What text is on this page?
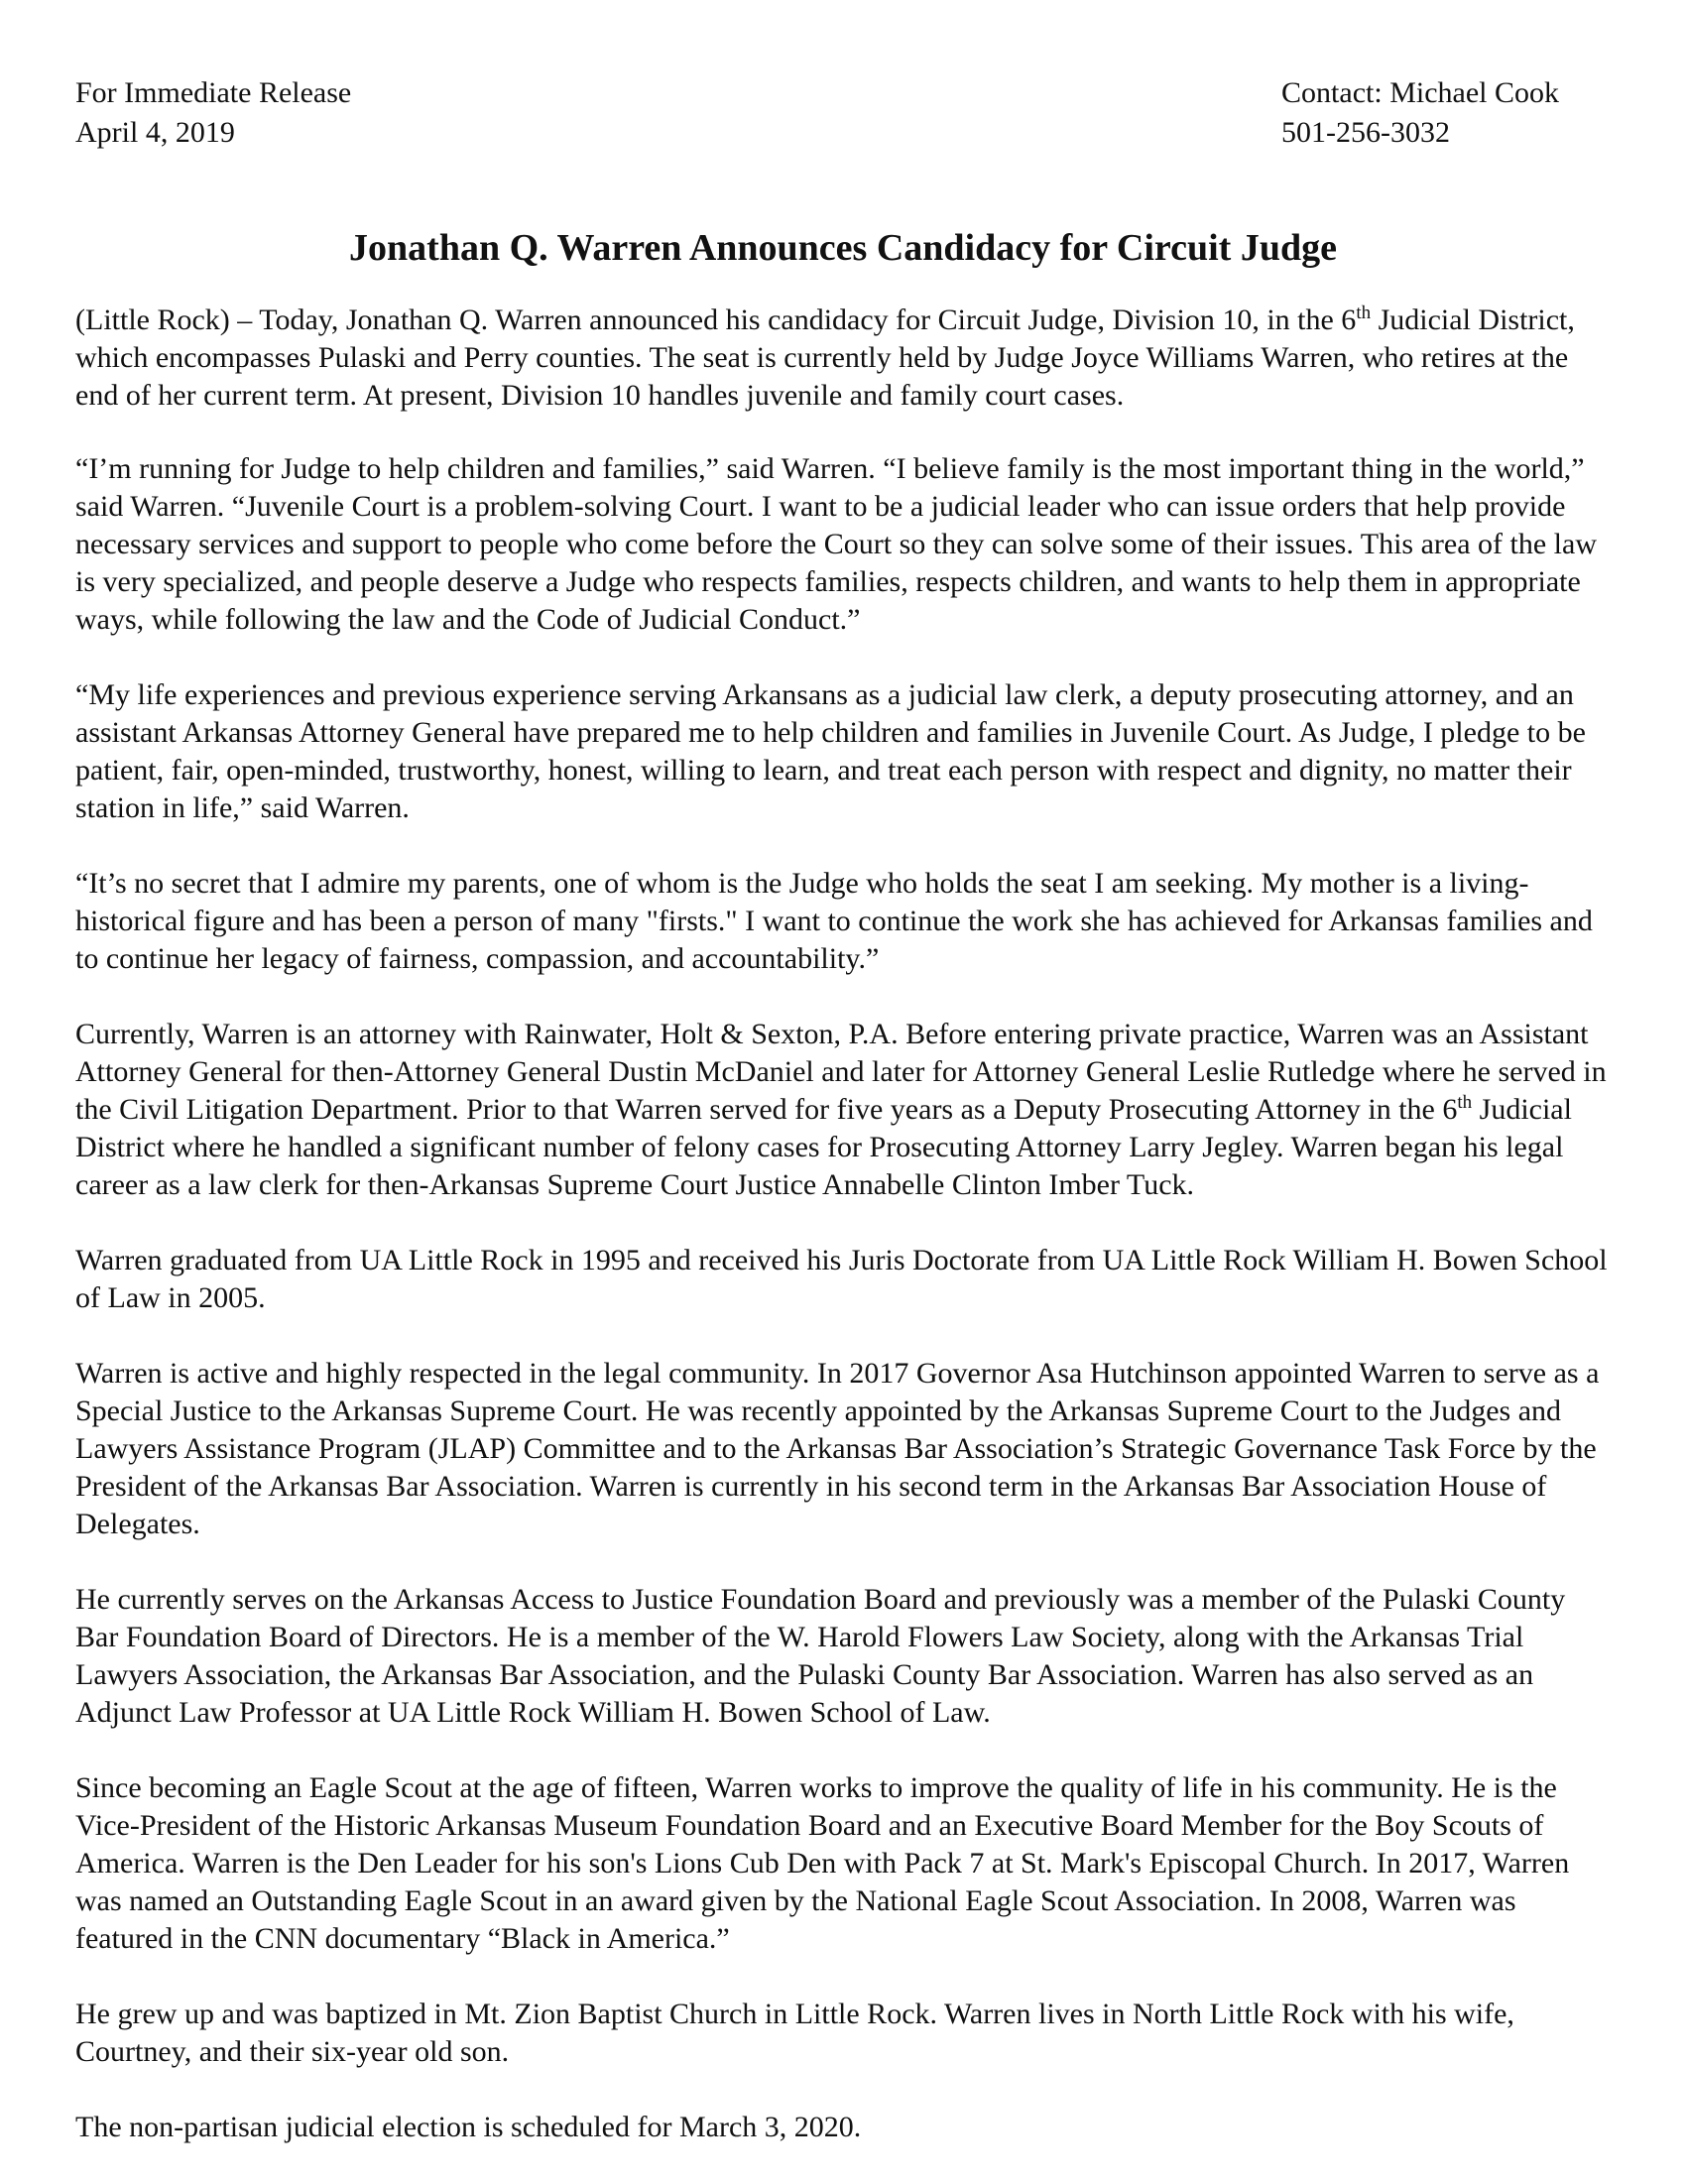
For Immediate Release
April 4, 2019
Contact: Michael Cook
501-256-3032
Jonathan Q. Warren Announces Candidacy for Circuit Judge

(Little Rock) – Today, Jonathan Q. Warren announced his candidacy for Circuit Judge, Division 10, in the 6th Judicial District, which encompasses Pulaski and Perry counties. The seat is currently held by Judge Joyce Williams Warren, who retires at the end of her current term. At present, Division 10 handles juvenile and family court cases.

“I’m running for Judge to help children and families,” said Warren. “I believe family is the most important thing in the world,” said Warren. “Juvenile Court is a problem-solving Court. I want to be a judicial leader who can issue orders that help provide necessary services and support to people who come before the Court so they can solve some of their issues. This area of the law is very specialized, and people deserve a Judge who respects families, respects children, and wants to help them in appropriate ways, while following the law and the Code of Judicial Conduct.”

“My life experiences and previous experience serving Arkansans as a judicial law clerk, a deputy prosecuting attorney, and an assistant Arkansas Attorney General have prepared me to help children and families in Juvenile Court. As Judge, I pledge to be patient, fair, open-minded, trustworthy, honest, willing to learn, and treat each person with respect and dignity, no matter their station in life,” said Warren.

“It’s no secret that I admire my parents, one of whom is the Judge who holds the seat I am seeking. My mother is a living-historical figure and has been a person of many "firsts." I want to continue the work she has achieved for Arkansas families and to continue her legacy of fairness, compassion, and accountability.”

Currently, Warren is an attorney with Rainwater, Holt & Sexton, P.A. Before entering private practice, Warren was an Assistant Attorney General for then-Attorney General Dustin McDaniel and later for Attorney General Leslie Rutledge where he served in the Civil Litigation Department. Prior to that Warren served for five years as a Deputy Prosecuting Attorney in the 6th Judicial District where he handled a significant number of felony cases for Prosecuting Attorney Larry Jegley. Warren began his legal career as a law clerk for then-Arkansas Supreme Court Justice Annabelle Clinton Imber Tuck.

Warren graduated from UA Little Rock in 1995 and received his Juris Doctorate from UA Little Rock William H. Bowen School of Law in 2005.

Warren is active and highly respected in the legal community. In 2017 Governor Asa Hutchinson appointed Warren to serve as a Special Justice to the Arkansas Supreme Court. He was recently appointed by the Arkansas Supreme Court to the Judges and Lawyers Assistance Program (JLAP) Committee and to the Arkansas Bar Association’s Strategic Governance Task Force by the President of the Arkansas Bar Association. Warren is currently in his second term in the Arkansas Bar Association House of Delegates.

He currently serves on the Arkansas Access to Justice Foundation Board and previously was a member of the Pulaski County Bar Foundation Board of Directors. He is a member of the W. Harold Flowers Law Society, along with the Arkansas Trial Lawyers Association, the Arkansas Bar Association, and the Pulaski County Bar Association. Warren has also served as an Adjunct Law Professor at UA Little Rock William H. Bowen School of Law.

Since becoming an Eagle Scout at the age of fifteen, Warren works to improve the quality of life in his community. He is the Vice-President of the Historic Arkansas Museum Foundation Board and an Executive Board Member for the Boy Scouts of America. Warren is the Den Leader for his son's Lions Cub Den with Pack 7 at St. Mark's Episcopal Church. In 2017, Warren was named an Outstanding Eagle Scout in an award given by the National Eagle Scout Association. In 2008, Warren was featured in the CNN documentary “Black in America.”

He grew up and was baptized in Mt. Zion Baptist Church in Little Rock. Warren lives in North Little Rock with his wife, Courtney, and their six-year old son.

The non-partisan judicial election is scheduled for March 3, 2020.
